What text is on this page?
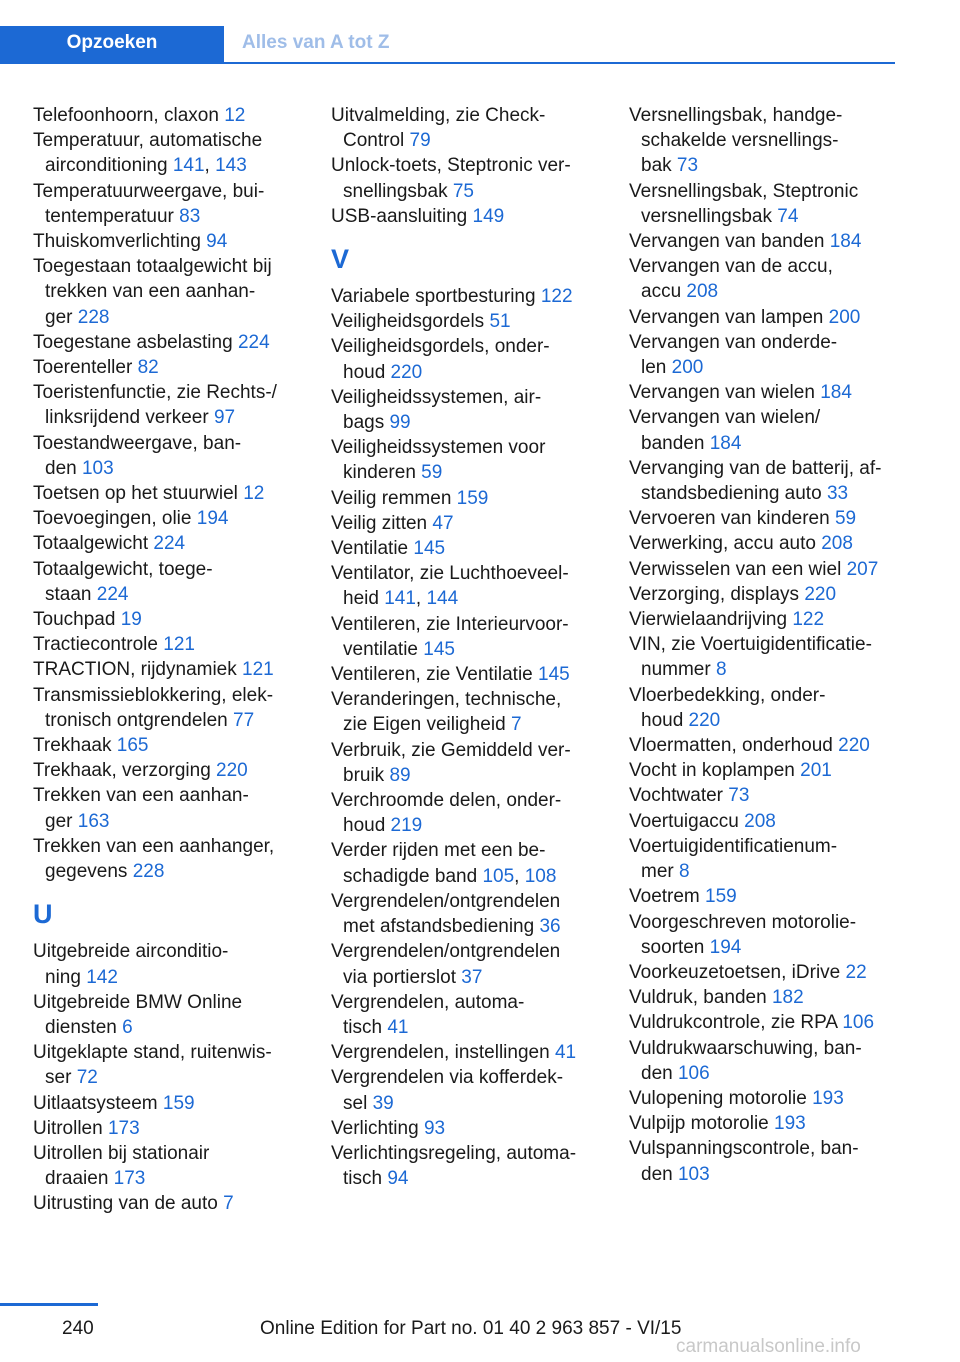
Opzoeken	Alles van A tot Z

Telefoonhoorn, claxon 12

Temperatuur, automatische
airconditioning 141, 143

Temperatuurweergave, bui-
tentemperatuur 83

Thuiskomverlichting 94

Toegestaan totaalgewicht bij
trekken van een aanhan-
ger 228

Toegestane asbelasting 224

Toerenteller 82

Toeristenfunctie, zie Rechts-/
linksrijdend verkeer 97

Toestandweergave, ban-
den 103

Toetsen op het stuurwiel 12

Toevoegingen, olie 194

Totaalgewicht 224

Totaalgewicht, toege-
staan 224

Touchpad 19

Tractiecontrole 121

TRACTION, rijdynamiek 121

Transmissieblokkering, elek-
tronisch ontgrendelen 77

Trekhaak 165

Trekhaak, verzorging 220

Trekken van een aanhan-
ger 163

Trekken van een aanhanger,
gegevens 228

U

Uitgebreide airconditio-
ning 142

Uitgebreide BMW Online
diensten 6

Uitgeklapte stand, ruitenwis-
ser 72

Uitlaatsysteem 159

Uitrollen 173

Uitrollen bij stationair
draaien 173

Uitrusting van de auto 7

Uitvalmelding, zie Check-
Control 79

Unlock-toets, Steptronic ver-
snellingsbak 75

USB-aansluiting 149

V

Variabele sportbesturing 122

Veiligheidsgordels 51

Veiligheidsgordels, onder-
houd 220

Veiligheidssystemen, air-
bags 99

Veiligheidssystemen voor
kinderen 59

Veilig remmen 159

Veilig zitten 47

Ventilatie 145

Ventilator, zie Luchthoeveel-
heid 141, 144

Ventileren, zie Interieurvoor-
ventilatie 145

Ventileren, zie Ventilatie 145

Veranderingen, technische,
zie Eigen veiligheid 7

Verbruik, zie Gemiddeld ver-
bruik 89

Verchroomde delen, onder-
houd 219

Verder rijden met een be-
schadigde band 105, 108

Vergrendelen/ontgrendelen
met afstandsbediening 36

Vergrendelen/ontgrendelen
via portierslot 37

Vergrendelen, automa-
tisch 41

Vergrendelen, instellingen 41

Vergrendelen via kofferdek-
sel 39

Verlichting 93

Verlichtingsregeling, automa-
tisch 94

Versnellingsbak, handge-
schakelde versnellings-
bak 73

Versnellingsbak, Steptronic
versnellingsbak 74

Vervangen van banden 184

Vervangen van de accu,
accu 208

Vervangen van lampen 200

Vervangen van onderde-
len 200

Vervangen van wielen 184

Vervangen van wielen/
banden 184

Vervanging van de batterij, af-
standsbediening auto 33

Vervoeren van kinderen 59

Verwerking, accu auto 208

Verwisselen van een wiel 207

Verzorging, displays 220

Vierwielaandrijving 122

VIN, zie Voertuigidentificatie-
nummer 8

Vloerbedekking, onder-
houd 220

Vloermatten, onderhoud 220

Vocht in koplampen 201

Vochtwater 73

Voertuigaccu 208

Voertuigidentificatienum-
mer 8

Voetrem 159

Voorgeschreven motorolie-
soorten 194

Voorkeuzetoetsen, iDrive 22

Vuldruk, banden 182

Vuldrukcontrole, zie RPA 106

Vuldrukwaarschuwing, ban-
den 106

Vulopening motorolie 193

Vulpijp motorolie 193

Vulspanningscontrole, ban-
den 103

240	Online Edition for Part no. 01 40 2 963 857 - VI/15
carmanualsonline.info
